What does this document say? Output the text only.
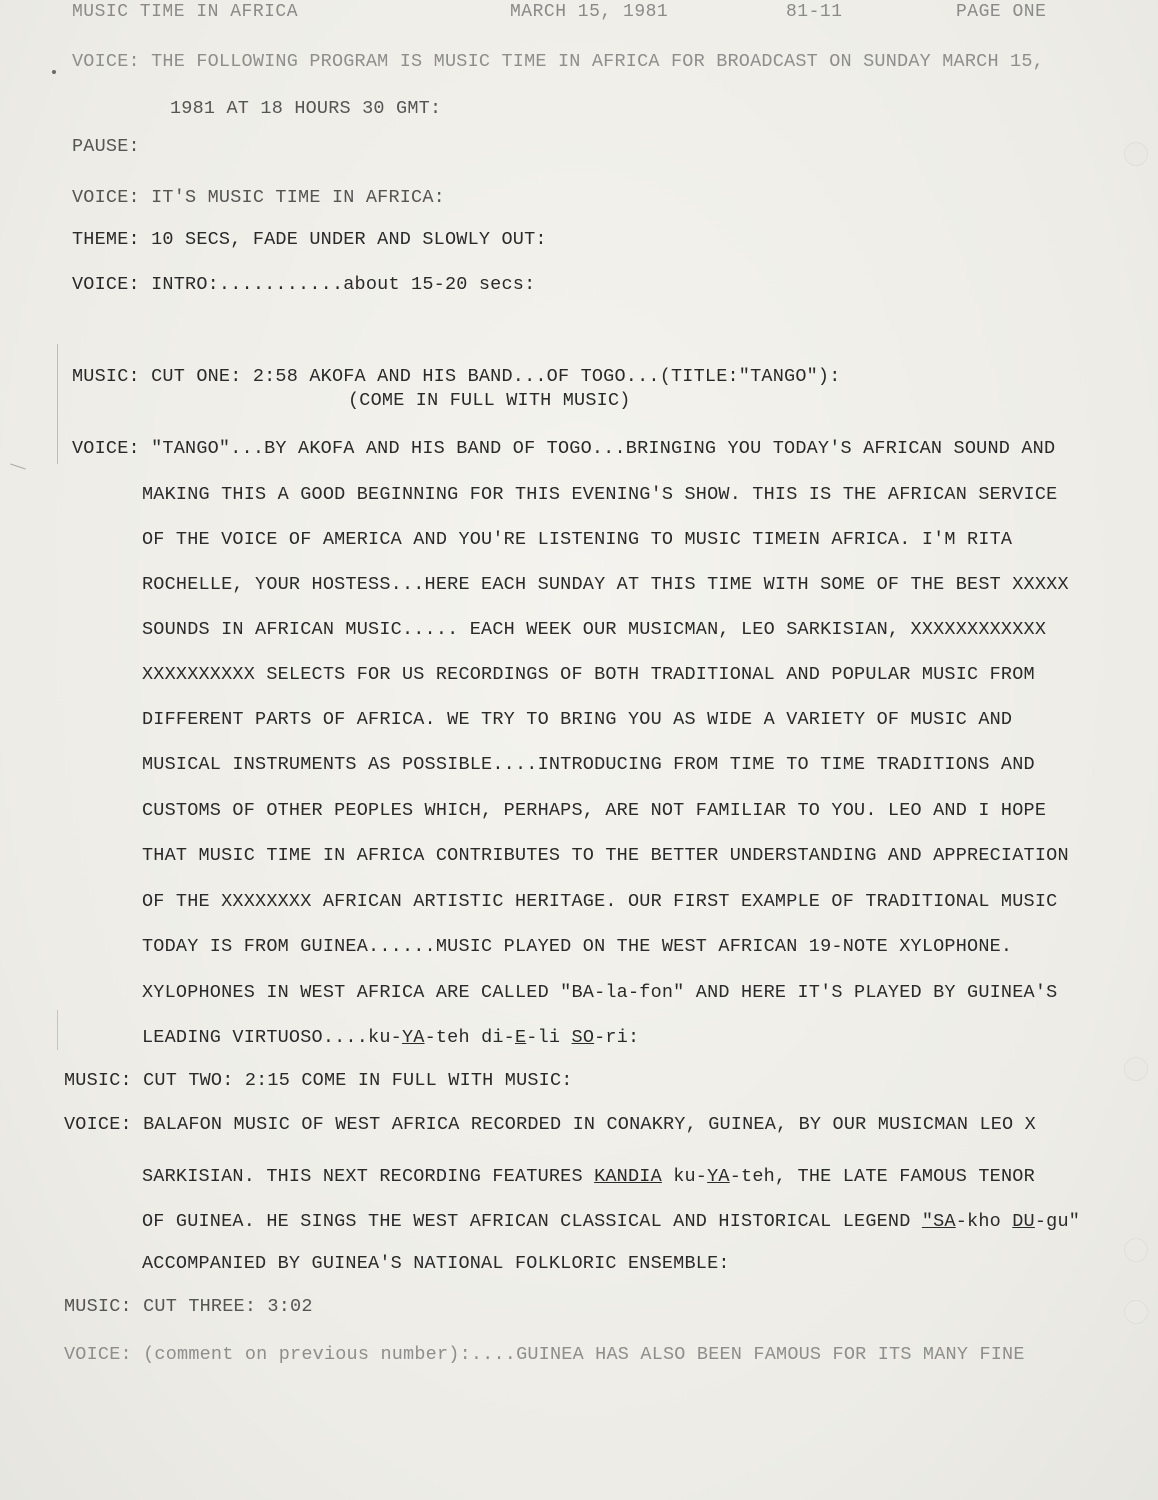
MUSIC TIME IN AFRICA	MARCH 15, 1981	81-11	PAGE ONE
VOICE: THE FOLLOWING PROGRAM IS MUSIC TIME IN AFRICA FOR BROADCAST ON SUNDAY MARCH 15,
1981 AT 18 HOURS 30 GMT:
PAUSE:
VOICE: IT'S MUSIC TIME IN AFRICA:
THEME: 10 SECS, FADE UNDER AND SLOWLY OUT:
VOICE: INTRO:...........about 15-20 secs:
MUSIC: CUT ONE: 2:58 AKOFA AND HIS BAND...OF TOGO...(TITLE:"TANGO"):
(COME IN FULL WITH MUSIC)
VOICE: "TANGO"...BY AKOFA AND HIS BAND OF TOGO...BRINGING YOU TODAY'S AFRICAN SOUND AND
MAKING THIS A GOOD BEGINNING FOR THIS EVENING'S SHOW. THIS IS THE AFRICAN SERVICE
OF THE VOICE OF AMERICA AND YOU'RE LISTENING TO MUSIC TIMEIN AFRICA. I'M RITA
ROCHELLE, YOUR HOSTESS...HERE EACH SUNDAY AT THIS TIME WITH SOME OF THE BEST XXXXX
SOUNDS IN AFRICAN MUSIC..... EACH WEEK OUR MUSICMAN, LEO SARKISIAN, XXXXXXXXXXXX
XXXXXXXXXX SELECTS FOR US RECORDINGS OF BOTH TRADITIONAL AND POPULAR MUSIC FROM
DIFFERENT PARTS OF AFRICA. WE TRY TO BRING YOU AS WIDE A VARIETY OF MUSIC AND
MUSICAL INSTRUMENTS AS POSSIBLE....INTRODUCING FROM TIME TO TIME TRADITIONS AND
CUSTOMS OF OTHER PEOPLES WHICH, PERHAPS, ARE NOT FAMILIAR TO YOU. LEO AND I HOPE
THAT MUSIC TIME IN AFRICA CONTRIBUTES TO THE BETTER UNDERSTANDING AND APPRECIATION
OF THE XXXXXXXX AFRICAN ARTISTIC HERITAGE. OUR FIRST EXAMPLE OF TRADITIONAL MUSIC
TODAY IS FROM GUINEA......MUSIC PLAYED ON THE WEST AFRICAN 19-NOTE XYLOPHONE.
XYLOPHONES IN WEST AFRICA ARE CALLED "BA-la-fon" AND HERE IT'S PLAYED BY GUINEA'S
LEADING VIRTUOSO....ku-YA-teh di-E-li SO-ri:
MUSIC: CUT TWO: 2:15 COME IN FULL WITH MUSIC:
VOICE: BALAFON MUSIC OF WEST AFRICA RECORDED IN CONAKRY, GUINEA, BY OUR MUSICMAN LEO X
SARKISIAN. THIS NEXT RECORDING FEATURES KANDIA ku-YA-teh, THE LATE FAMOUS TENOR
OF GUINEA. HE SINGS THE WEST AFRICAN CLASSICAL AND HISTORICAL LEGEND "SA-kho DU-gu"
ACCOMPANIED BY GUINEA'S NATIONAL FOLKLORIC ENSEMBLE:
MUSIC: CUT THREE: 3:02
VOICE: (comment on previous number):....GUINEA HAS ALSO BEEN FAMOUS FOR ITS MANY FINE
